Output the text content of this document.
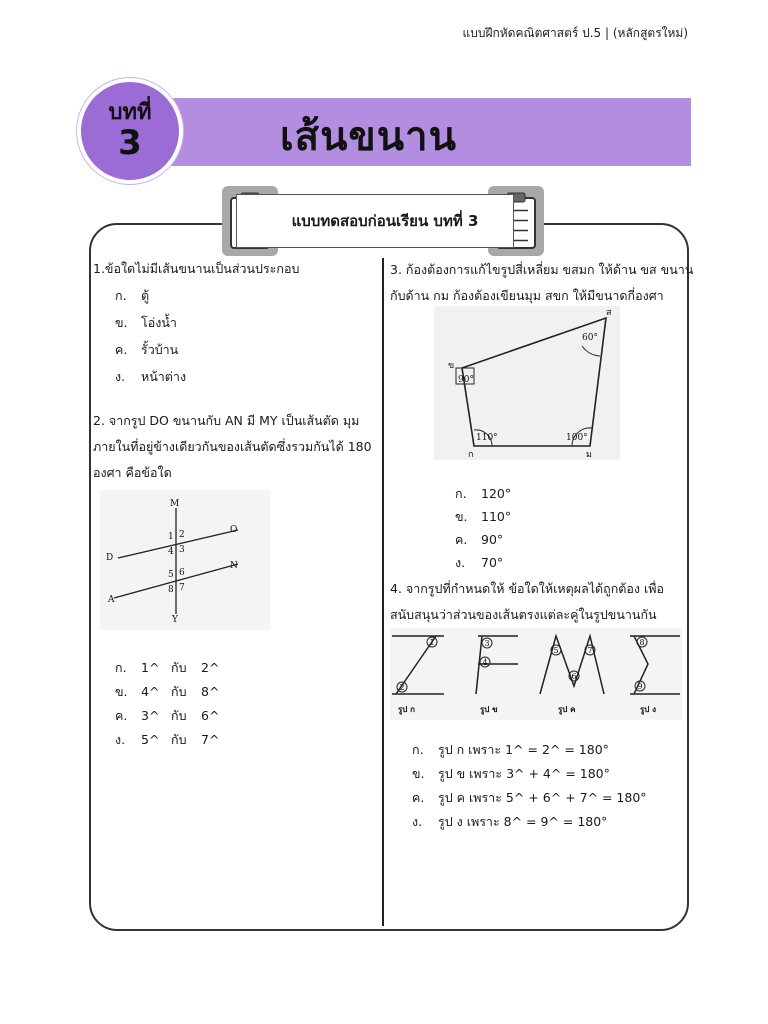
แบบฝึกหัดคณิตศาสตร์ ป.5 | (หลักสูตรใหม่)
เส้นขนาน
บทที่
3
แบบทดสอบก่อนเรียน บทที่ 3

1.ข้อใดไม่มีเส้นขนานเป็นส่วนประกอบ

ก.	ตู้
ข.	โอ่งน้ำ
ค.	รั้วบ้าน
ง.	หน้าต่าง

2. จากรูป DO ขนานกับ AN มี MY เป็นเส้นตัด มุม

ภายในที่อยู่ข้างเดียวกันของเส้นตัดซึ่งรวมกันได้ 180

องศา คือข้อใด

M
O
D
N
A
Y
1 2
3
4
5 6
7
8
ก.	1^ กับ	2^
ข.	4^ กับ	8^
ค.	3^ กับ	6^
ง.	5^ กับ	7^

3. ก้องต้องการแก้ไขรูปสี่เหลี่ยม ขสมก ให้ด้าน ขส ขนาน

กับด้าน กม ก้องต้องเขียนมุม สขก ให้มีขนาดกี่องศา

ส
ข
ก	ม
60°
90°
110°	100°
ก.	120°
ข.	110°
ค.	90°
ง.	70°

4. จากรูปที่กำหนดให้ ข้อใดให้เหตุผลได้ถูกต้อง เพื่อ

สนับสนุนว่าส่วนของเส้นตรงแต่ละคู่ในรูปขนานกัน

1
2
3
4
5
6
7
8
9
รูป ก	รูป ข	รูป ค	รูป ง
ก.	รูป ก เพราะ 1^ = 2^ = 180°
ข.	รูป ข เพราะ 3^ + 4^ = 180°
ค.	รูป ค เพราะ 5^ + 6^ + 7^ = 180°
ง.	รูป ง เพราะ 8^ = 9^ = 180°
